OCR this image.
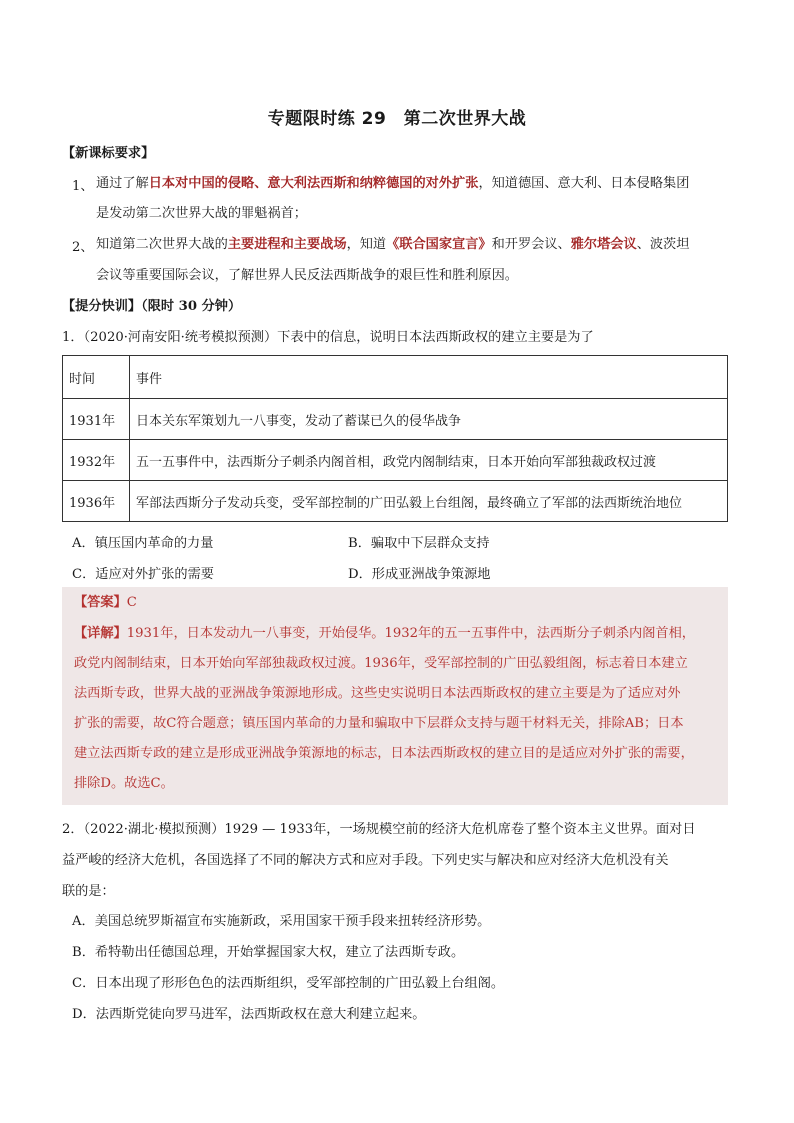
专题限时练 29　第二次世界大战
【新课标要求】
1、 通过了解日本对中国的侵略、意大利法西斯和纳粹德国的对外扩张，知道德国、意大利、日本侵略集团
是发动第二次世界大战的罪魁祸首；
2、 知道第二次世界大战的主要进程和主要战场，知道《联合国家宣言》和开罗会议、雅尔塔会议、波茨坦
会议等重要国际会议，了解世界人民反法西斯战争的艰巨性和胜利原因。
【提分快训】（限时 30 分钟）
1．（2020·河南安阳·统考模拟预测）下表中的信息，说明日本法西斯政权的建立主要是为了
时间	事件
1931年	日本关东军策划九一八事变，发动了蓄谋已久的侵华战争
1932年	五一五事件中，法西斯分子刺杀内阁首相，政党内阁制结束，日本开始向军部独裁政权过渡
1936年	军部法西斯分子发动兵变，受军部控制的广田弘毅上台组阁，最终确立了军部的法西斯统治地位
A．镇压国内革命的力量	B．骗取中下层群众支持
C．适应对外扩张的需要	D．形成亚洲战争策源地
【答案】C
【详解】1931年，日本发动九一八事变，开始侵华。1932年的五一五事件中，法西斯分子刺杀内阁首相，
政党内阁制结束，日本开始向军部独裁政权过渡。1936年，受军部控制的广田弘毅组阁，标志着日本建立
法西斯专政，世界大战的亚洲战争策源地形成。这些史实说明日本法西斯政权的建立主要是为了适应对外
扩张的需要，故C符合题意；镇压国内革命的力量和骗取中下层群众支持与题干材料无关，排除AB；日本
建立法西斯专政的建立是形成亚洲战争策源地的标志，日本法西斯政权的建立目的是适应对外扩张的需要，
排除D。故选C。
2．（2022·湖北·模拟预测）1929 — 1933年，一场规模空前的经济大危机席卷了整个资本主义世界。面对日
益严峻的经济大危机，各国选择了不同的解决方式和应对手段。下列史实与解决和应对经济大危机没有关
联的是：
A．美国总统罗斯福宣布实施新政，采用国家干预手段来扭转经济形势。
B．希特勒出任德国总理，开始掌握国家大权，建立了法西斯专政。
C．日本出现了形形色色的法西斯组织，受军部控制的广田弘毅上台组阁。
D．法西斯党徒向罗马进军，法西斯政权在意大利建立起来。
